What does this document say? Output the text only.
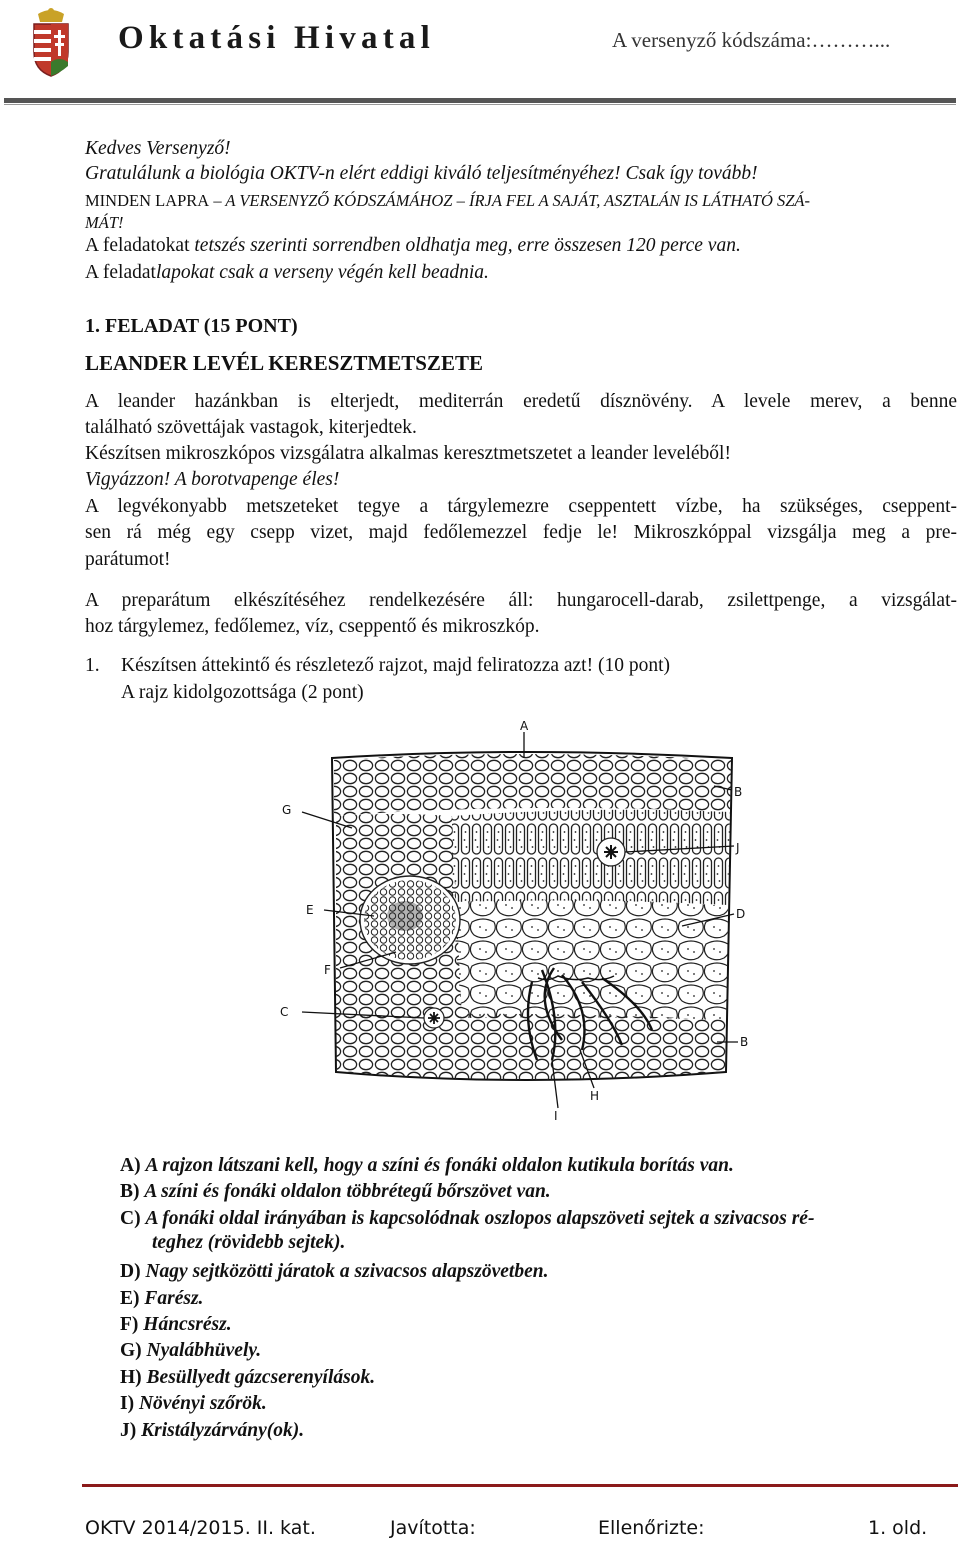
Oktatási Hivatal	A versenyző kódszáma:………...
Kedves Versenyző!
Gratulálunk a biológia OKTV-n elért eddigi kiváló teljesítményéhez! Csak így tovább!
MINDEN LAPRA – A VERSENYZŐ KÓDSZÁMÁHOZ – ÍRJA FEL A SAJÁT, ASZTALÁN IS LÁTHATÓ SZÁ-
MÁT!
A feladatokat tetszés szerinti sorrendben oldhatja meg, erre összesen 120 perce van.
A feladatlapokat csak a verseny végén kell beadnia.
1. FELADAT (15 PONT)
LEANDER LEVÉL KERESZTMETSZETE
A leander hazánkban is elterjedt, mediterrán eredetű dísznövény. A levele merev, a benne
található szövettájak vastagok, kiterjedtek.
Készítsen mikroszkópos vizsgálatra alkalmas keresztmetszetet a leander leveléből!
Vigyázzon! A borotvapenge éles!
A legvékonyabb metszeteket tegye a tárgylemezre cseppentett vízbe, ha szükséges, cseppent-
sen rá még egy csepp vizet, majd fedőlemezzel fedje le! Mikroszkóppal vizsgálja meg a pre-
parátumot!
A preparátum elkészítéséhez rendelkezésére áll: hungarocell-darab, zsilettpenge, a vizsgálat-
hoz tárgylemez, fedőlemez, víz, cseppentő és mikroszkóp.
1. Készítsen áttekintő és részletező rajzot, majd feliratozza azt! (10 pont)
A rajz kidolgozottsága (2 pont)
A
B
G
J
D
E
F
C
B
H
I
A) A rajzon látszani kell, hogy a színi és fonáki oldalon kutikula borítás van.
B) A színi és fonáki oldalon többrétegű bőrszövet van.
C) A fonáki oldal irányában is kapcsolódnak oszlopos alapszöveti sejtek a szivacsos ré-
teghez (rövidebb sejtek).
D) Nagy sejtközötti járatok a szivacsos alapszövetben.
E) Farész.
F) Háncsrész.
G) Nyalábhüvely.
H) Besüllyedt gázcserenyílások.
I) Növényi szőrök.
J) Kristályzárvány(ok).
OKTV 2014/2015. II. kat.	Javította:	Ellenőrizte:	1. old.
